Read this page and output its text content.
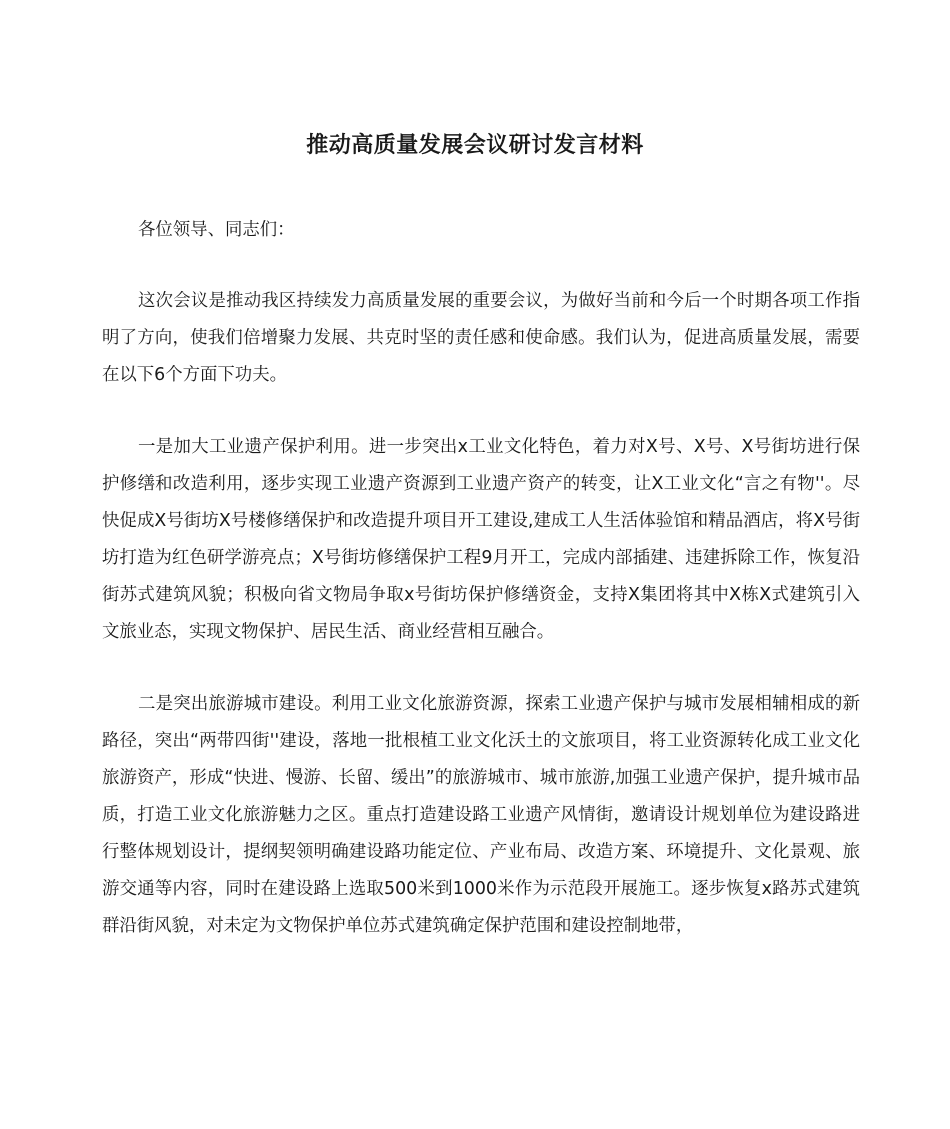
推动高质量发展会议研讨发言材料
各位领导、同志们：
这次会议是推动我区持续发力高质量发展的重要会议，为做好当前和今后一个时期各项工作指明了方向，使我们倍增聚力发展、共克时坚的责任感和使命感。我们认为，促进高质量发展，需要在以下6个方面下功夫。
一是加大工业遗产保护利用。进一步突出x工业文化特色，着力对X号、X号、X号街坊进行保护修缮和改造利用，逐步实现工业遗产资源到工业遗产资产的转变，让X工业文化“言之有物''。尽快促成X号街坊X号楼修缮保护和改造提升项目开工建设,建成工人生活体验馆和精品酒店，将X号街坊打造为红色研学游亮点；X号街坊修缮保护工程9月开工，完成内部插建、违建拆除工作，恢复沿街苏式建筑风貌；积极向省文物局争取x号街坊保护修缮资金，支持X集团将其中X栋X式建筑引入文旅业态，实现文物保护、居民生活、商业经营相互融合。
二是突出旅游城市建设。利用工业文化旅游资源，探索工业遗产保护与城市发展相辅相成的新路径，突出“两带四街''建设，落地一批根植工业文化沃土的文旅项目，将工业资源转化成工业文化旅游资产，形成“快进、慢游、长留、缓出”的旅游城市、城市旅游,加强工业遗产保护，提升城市品质，打造工业文化旅游魅力之区。重点打造建设路工业遗产风情街，邀请设计规划单位为建设路进行整体规划设计，提纲契领明确建设路功能定位、产业布局、改造方案、环境提升、文化景观、旅游交通等内容，同时在建设路上选取500米到1000米作为示范段开展施工。逐步恢复x路苏式建筑群沿街风貌，对未定为文物保护单位苏式建筑确定保护范围和建设控制地带，
